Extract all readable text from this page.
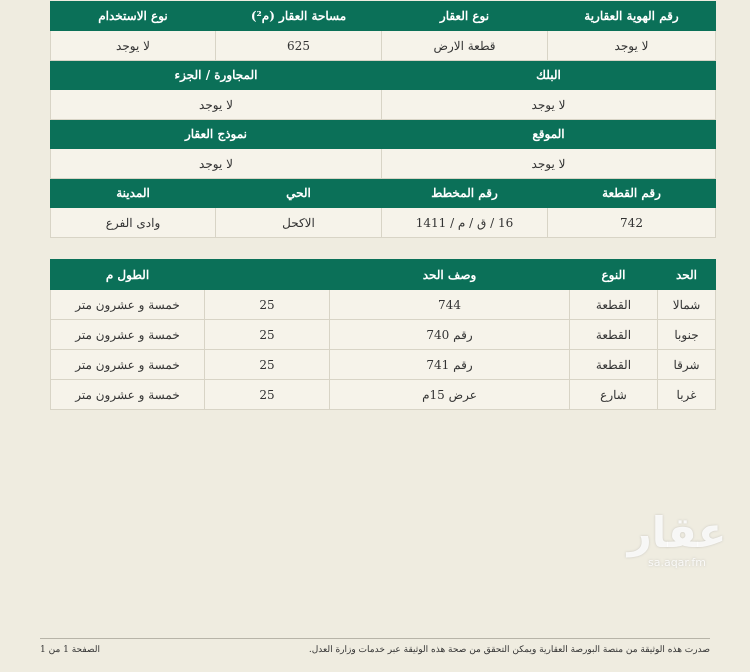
رقم الهوية العقارية	نوع العقار	مساحة العقار (م²)	نوع الاستخدام
لا يوجد	قطعة الارض	625	لا يوجد
البلك		المجاورة / الجزء	
لا يوجد		لا يوجد	
الموقع		نموذج العقار	
لا يوجد		لا يوجد	
رقم القطعة	رقم المخطط	الحي	المدينة
742	16 / ق / م / 1411	الاكحل	وادى الفرع
الحد	النوع	وصف الحد		الطول م
شمالا	القطعة	744	25	خمسة و عشرون متر
جنوبا	القطعة	رقم 740	25	خمسة و عشرون متر
شرقا	القطعة	رقم 741	25	خمسة و عشرون متر
غربا	شارع	عرض 15م	25	خمسة و عشرون متر
عقار
sa.aqar.fm
صدرت هذه الوثيقة من منصة البورصة العقارية ويمكن التحقق من صحة هذه الوثيقة عبر خدمات وزارة العدل.
الصفحة 1 من 1
